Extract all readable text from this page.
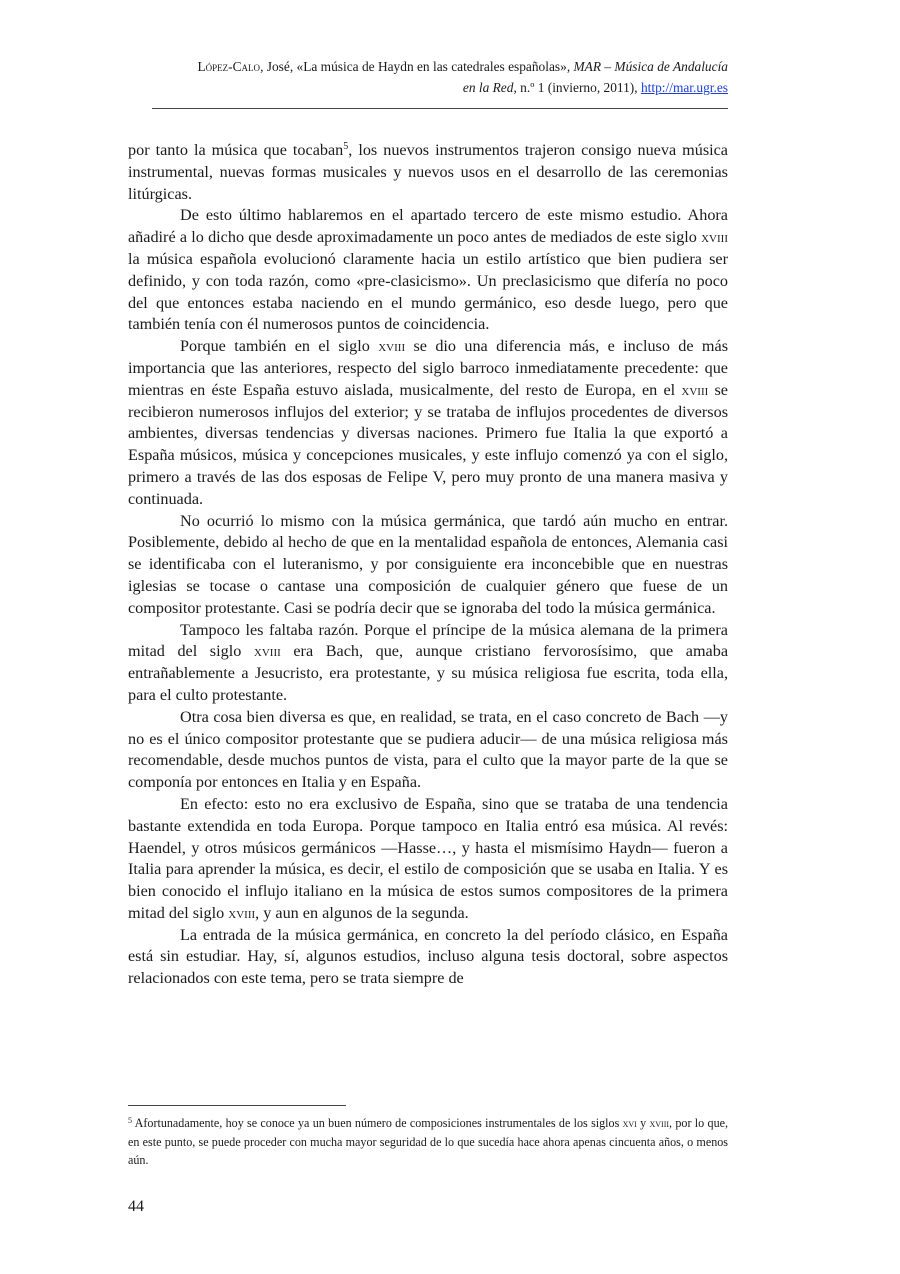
López-Calo, José, «La música de Haydn en las catedrales españolas», MAR – Música de Andalucía
en la Red, n.º 1 (invierno, 2011), http://mar.ugr.es

por tanto la música que tocaban$^5$, los nuevos instrumentos trajeron consigo nueva música instrumental, nuevas formas musicales y nuevos usos en el desarrollo de las ceremonias litúrgicas.

De esto último hablaremos en el apartado tercero de este mismo estudio. Ahora añadiré a lo dicho que desde aproximadamente un poco antes de mediados de este siglo xviii la música española evolucionó claramente hacia un estilo artístico que bien pudiera ser definido, y con toda razón, como «pre-clasicismo». Un preclasicismo que difería no poco del que entonces estaba naciendo en el mundo germánico, eso desde luego, pero que también tenía con él numerosos puntos de coincidencia.

Porque también en el siglo xviii se dio una diferencia más, e incluso de más importancia que las anteriores, respecto del siglo barroco inmediatamente precedente: que mientras en éste España estuvo aislada, musicalmente, del resto de Europa, en el xviii se recibieron numerosos influjos del exterior; y se trataba de influjos procedentes de diversos ambientes, diversas tendencias y diversas naciones. Primero fue Italia la que exportó a España músicos, música y concepciones musicales, y este influjo comenzó ya con el siglo, primero a través de las dos esposas de Felipe V, pero muy pronto de una manera masiva y continuada.

No ocurrió lo mismo con la música germánica, que tardó aún mucho en entrar. Posiblemente, debido al hecho de que en la mentalidad española de entonces, Alemania casi se identificaba con el luteranismo, y por consiguiente era inconcebible que en nuestras iglesias se tocase o cantase una composición de cualquier género que fuese de un compositor protestante. Casi se podría decir que se ignoraba del todo la música germánica.

Tampoco les faltaba razón. Porque el príncipe de la música alemana de la primera mitad del siglo xviii era Bach, que, aunque cristiano fervorosísimo, que amaba entrañablemente a Jesucristo, era protestante, y su música religiosa fue escrita, toda ella, para el culto protestante.

Otra cosa bien diversa es que, en realidad, se trata, en el caso concreto de Bach —y no es el único compositor protestante que se pudiera aducir— de una música religiosa más recomendable, desde muchos puntos de vista, para el culto que la mayor parte de la que se componía por entonces en Italia y en España.

En efecto: esto no era exclusivo de España, sino que se trataba de una tendencia bastante extendida en toda Europa. Porque tampoco en Italia entró esa música. Al revés: Haendel, y otros músicos germánicos —Hasse…, y hasta el mismísimo Haydn— fueron a Italia para aprender la música, es decir, el estilo de composición que se usaba en Italia. Y es bien conocido el influjo italiano en la música de estos sumos compositores de la primera mitad del siglo xviii, y aun en algunos de la segunda.

La entrada de la música germánica, en concreto la del período clásico, en España está sin estudiar. Hay, sí, algunos estudios, incluso alguna tesis doctoral, sobre aspectos relacionados con este tema, pero se trata siempre de

$^5$ Afortunadamente, hoy se conoce ya un buen número de composiciones instrumentales de los siglos xvi y xviii, por lo que, en este punto, se puede proceder con mucha mayor seguridad de lo que sucedía hace ahora apenas cincuenta años, o menos aún.
44
